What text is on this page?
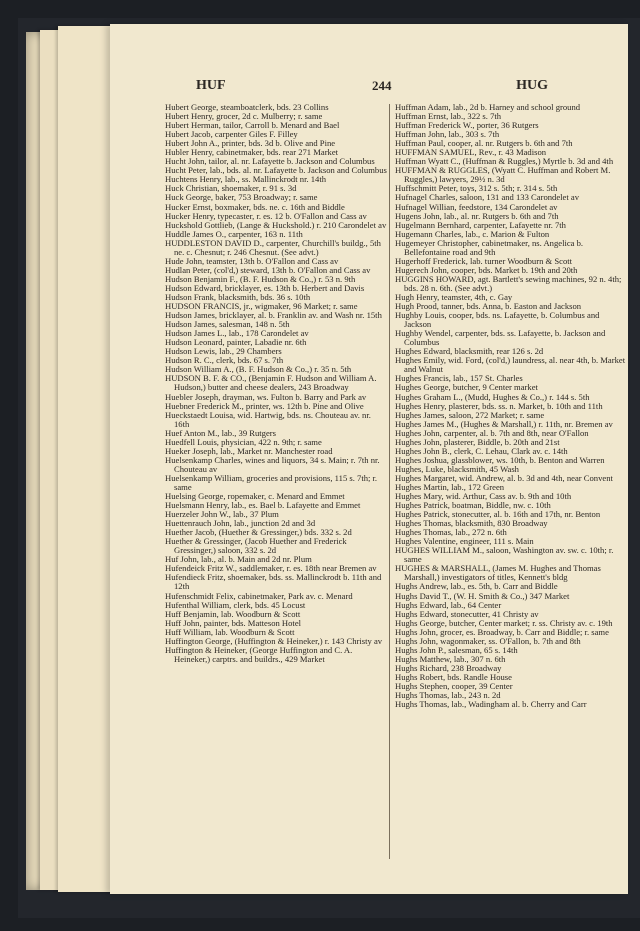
HUF	244	HUG
Hubert George, steamboatclerk, bds. 23 Collins
Hubert Henry, grocer, 2d c. Mulberry; r. same
Hubert Herman, tailor, Carroll b. Menard and Bael
Hubert Jacob, carpenter Giles F. Filley
Hubert John A., printer, bds. 3d b. Olive and Pine
Hubler Henry, cabinetmaker, bds. rear 271 Market
Hucht John, tailor, al. nr. Lafayette b. Jackson and Columbus
Hucht Peter, lab., bds. al. nr. Lafayette b. Jackson and Columbus
Huchtens Henry, lab., ss. Mallinckrodt nr. 14th
Huck Christian, shoemaker, r. 91 s. 3d
Huck George, baker, 753 Broadway; r. same
Hucker Ernst, boxmaker, bds. ne. c. 16th and Biddle
Hucker Henry, typecaster, r. es. 12 b. O'Fallon and Cass av
Huckshold Gottlieb, (Lange & Huckshold.) r. 210 Carondelet av
Huddle James O., carpenter, 163 n. 11th
HUDDLESTON DAVID D., carpenter, Churchill's buildg., 5th ne. c. Chesnut; r. 246 Chesnut. (See advt.)
Hude John, teamster, 13th b. O'Fallon and Cass av
Hudlan Peter, (col'd,) steward, 13th b. O'Fallon and Cass av
Hudson Benjamin F., (B. F. Hudson & Co.,) r. 53 n. 9th
Hudson Edward, bricklayer, es. 13th b. Herbert and Davis
Hudson Frank, blacksmith, bds. 36 s. 10th
HUDSON FRANCIS, jr., wigmaker, 96 Market; r. same
Hudson James, bricklayer, al. b. Franklin av. and Wash nr. 15th
Hudson James, salesman, 148 n. 5th
Hudson James L., lab., 178 Carondelet av
Hudson Leonard, painter, Labadie nr. 6th
Hudson Lewis, lab., 29 Chambers
Hudson R. C., clerk, bds. 67 s. 7th
Hudson William A., (B. F. Hudson & Co.,) r. 35 n. 5th
HUDSON B. F. & CO., (Benjamin F. Hudson and William A. Hudson,) butter and cheese dealers, 243 Broadway
Huebler Joseph, drayman, ws. Fulton b. Barry and Park av
Huebner Frederick M., printer, ws. 12th b. Pine and Olive
Hueckstaedt Louisa, wid. Hartwig, bds. ns. Chouteau av. nr. 16th
Huef Anton M., lab., 39 Rutgers
Huedfell Louis, physician, 422 n. 9th; r. same
Hueker Joseph, lab., Market nr. Manchester road
Huelsenkamp Charles, wines and liquors, 34 s. Main; r. 7th nr. Chouteau av
Huelsenkamp William, groceries and provisions, 115 s. 7th; r. same
Huelsing George, ropemaker, c. Menard and Emmet
Huelsmann Henry, lab., es. Bael b. Lafayette and Emmet
Huerzeler John W., lab., 37 Plum
Huettenrauch John, lab., junction 2d and 3d
Huether Jacob, (Huether & Gressinger,) bds. 332 s. 2d
Huether & Gressinger, (Jacob Huether and Frederick Gressinger,) saloon, 332 s. 2d
Huf John, lab., al. b. Main and 2d nr. Plum
Hufendeick Fritz W., saddlemaker, r. es. 18th near Bremen av
Hufendieck Fritz, shoemaker, bds. ss. Mallinckrodt b. 11th and 12th
Hufenschmidt Felix, cabinetmaker, Park av. c. Menard
Hufenthal William, clerk, bds. 45 Locust
Huff Benjamin, lab. Woodburn & Scott
Huff John, painter, bds. Matteson Hotel
Huff William, lab. Woodburn & Scott
Huffington George, (Huffington & Heineker,) r. 143 Christy av
Huffington & Heineker, (George Huffington and C. A. Heineker,) carptrs. and buildrs., 429 Market
Huffman Adam, lab., 2d b. Harney and school ground
Huffman Ernst, lab., 322 s. 7th
Huffman Frederick W., porter, 36 Rutgers
Huffman John, lab., 303 s. 7th
Huffman Paul, cooper, al. nr. Rutgers b. 6th and 7th
HUFFMAN SAMUEL, Rev., r. 43 Madison
Huffman Wyatt C., (Huffman & Ruggles,) Myrtle b. 3d and 4th
HUFFMAN & RUGGLES, (Wyatt C. Huffman and Robert M. Ruggles,) lawyers, 29½ n. 3d
Huffschmitt Peter, toys, 312 s. 5th; r. 314 s. 5th
Hufnagel Charles, saloon, 131 and 133 Carondelet av
Hufnagel Willian, feedstore, 134 Carondelet av
Hugens John, lab., al. nr. Rutgers b. 6th and 7th
Hugelmann Bernhard, carpenter, Lafayette nr. 7th
Hugemann Charles, lab., c. Marion & Fulton
Hugemeyer Christopher, cabinetmaker, ns. Angelica b. Bellefontaine road and 9th
Hugerhoff Frederick, lab. turner Woodburn & Scott
Hugerech John, cooper, bds. Market b. 19th and 20th
HUGGINS HOWARD, agt. Bartlett's sewing machines, 92 n. 4th; bds. 28 n. 6th. (See advt.)
Hugh Henry, teamster, 4th, c. Gay
Hugh Prood, tanner, bds. Anna, b. Easton and Jackson
Hughby Louis, cooper, bds. ns. Lafayette, b. Columbus and Jackson
Hughby Wendel, carpenter, bds. ss. Lafayette, b. Jackson and Columbus
Hughes Edward, blacksmith, rear 126 s. 2d
Hughes Emily, wid. Ford, (col'd,) laundress, al. near 4th, b. Market and Walnut
Hughes Francis, lab., 157 St. Charles
Hughes George, butcher, 9 Center market
Hughes Graham L., (Mudd, Hughes & Co.,) r. 144 s. 5th
Hughes Henry, plasterer, bds. ss. n. Market, b. 10th and 11th
Hughes James, saloon, 272 Market; r. same
Hughes James M., (Hughes & Marshall,) r. 11th, nr. Bremen av
Hughes John, carpenter, al. b. 7th and 8th, near O'Fallon
Hughes John, plasterer, Biddle, b. 20th and 21st
Hughes John B., clerk, C. Lehau, Clark av. c. 14th
Hughes Joshua, glassblower, ws. 10th, b. Benton and Warren
Hughes, Luke, blacksmith, 45 Wash
Hughes Margaret, wid. Andrew, al. b. 3d and 4th, near Convent
Hughes Martin, lab., 172 Green
Hughes Mary, wid. Arthur, Cass av. b. 9th and 10th
Hughes Patrick, boatman, Biddle, nw. c. 10th
Hughes Patrick, stonecutter, al. b. 16th and 17th, nr. Benton
Hughes Thomas, blacksmith, 830 Broadway
Hughes Thomas, lab., 272 n. 6th
Hughes Valentine, engineer, 111 s. Main
HUGHES WILLIAM M., saloon, Washington av. sw. c. 10th; r. same
HUGHES & MARSHALL, (James M. Hughes and Thomas Marshall,) investigators of titles, Kennett's bldg
Hughs Andrew, lab., es. 5th, b. Carr and Biddle
Hughs David T., (W. H. Smith & Co.,) 347 Market
Hughs Edward, lab., 64 Center
Hughs Edward, stonecutter, 41 Christy av
Hughs George, butcher, Center market; r. ss. Christy av. c. 19th
Hughs John, grocer, es. Broadway, b. Carr and Biddle; r. same
Hughs John, wagonmaker, ss. O'Fallon, b. 7th and 8th
Hughs John P., salesman, 65 s. 14th
Hughs Matthew, lab., 307 n. 6th
Hughs Richard, 238 Broadway
Hughs Robert, bds. Randle House
Hughs Stephen, cooper, 39 Center
Hughs Thomas, lab., 243 n. 2d
Hughs Thomas, lab., Wadingham al. b. Cherry and Carr
